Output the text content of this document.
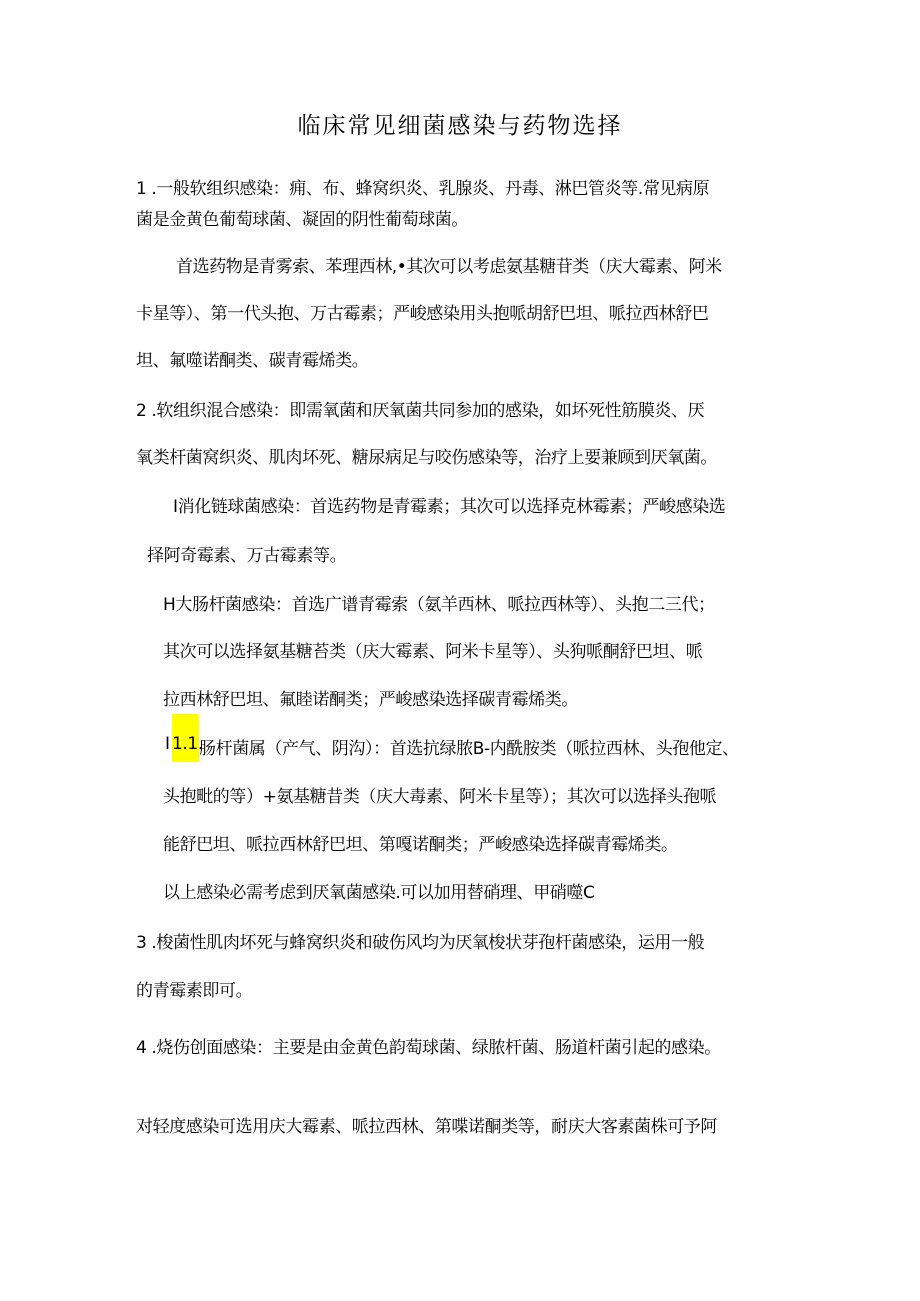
临床常见细菌感染与药物选择
1 .一般软组织感染：痈、布、蜂窝织炎、乳腺炎、丹毒、淋巴管炎等.常见病原
菌是金黄色葡萄球菌、凝固的阴性葡萄球菌。
首选药物是青雾索、苯理西林,•其次可以考虑氨基糖苷类（庆大霉素、阿米
卡星等）、第一代头抱、万古霉素；严峻感染用头抱哌胡舒巴坦、哌拉西林舒巴
坦、氟噬诺酮类、碳青霉烯类。
2 .软组织混合感染：即需氧菌和厌氧菌共同参加的感染，如坏死性筋膜炎、厌
氧类杆菌窝织炎、肌肉坏死、糖尿病足与咬伤感染等，治疗上要兼顾到厌氧菌。
I消化链球菌感染：首选药物是青霉素；其次可以选择克林霉素；严峻感染选
择阿奇霉素、万古霉素等。
H大肠杆菌感染：首选广谱青霉索（氨羊西林、哌拉西林等）、头抱二三代；
其次可以选择氨基糖苔类（庆大霉素、阿米卡星等）、头狗哌酮舒巴坦、哌
拉西林舒巴坦、氟睦诺酮类；严峻感染选择碳青霉烯类。
I 1.1.
肠杆菌属（产气、阴沟）：首选抗绿脓B-内酰胺类（哌拉西林、头孢他定、
头抱毗的等）+氨基糖昔类（庆大毒素、阿米卡星等）；其次可以选择头孢哌
能舒巴坦、哌拉西林舒巴坦、第嘎诺酮类；严峻感染选择碳青霉烯类。
以上感染必需考虑到厌氧菌感染.可以加用替硝理、甲硝噬C
3 .梭菌性肌肉坏死与蜂窝织炎和破伤风均为厌氧梭状芽孢杆菌感染，运用一般
的青霉素即可。
4 .烧伤创面感染：主要是由金黄色韵萄球菌、绿脓杆菌、肠道杆菌引起的感染。
对轻度感染可选用庆大霉素、哌拉西林、第喋诺酮类等，耐庆大客素菌株可予阿
